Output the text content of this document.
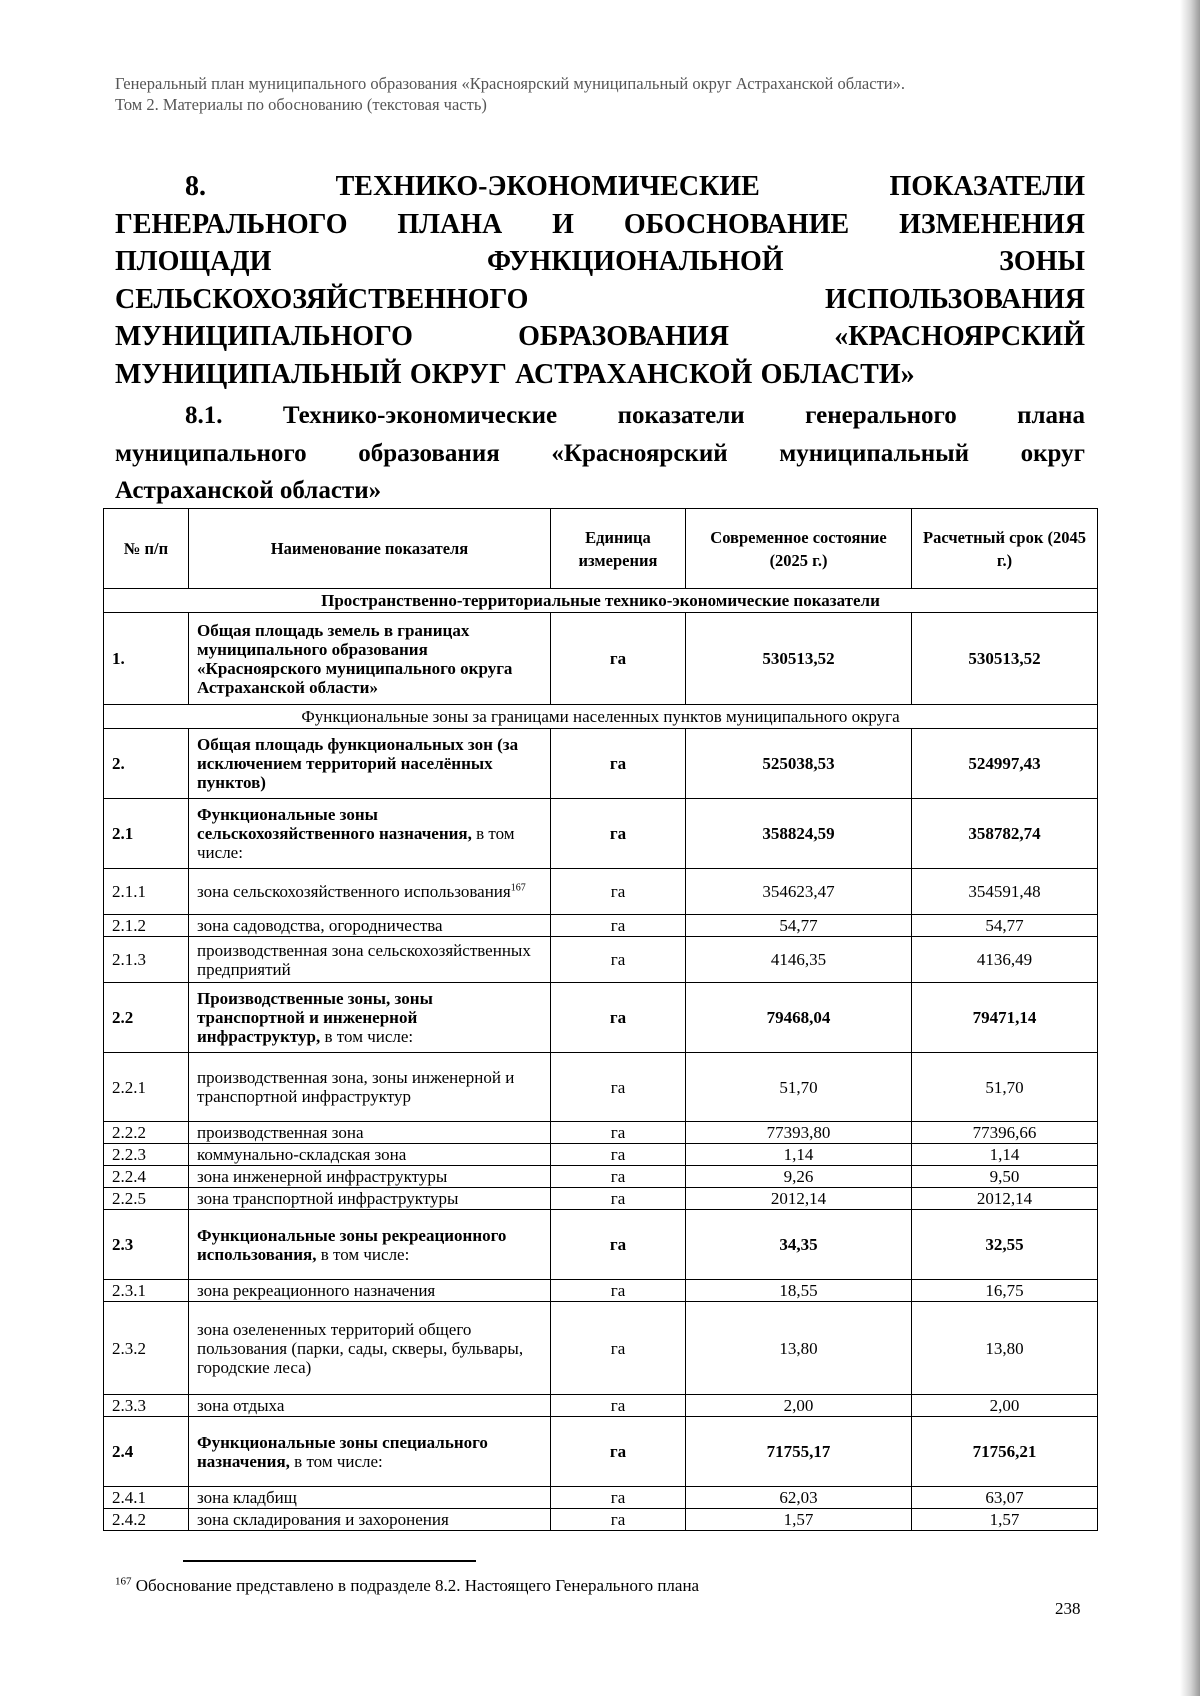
Генеральный план муниципального образования «Красноярский муниципальный округ Астраханской области».
Том 2. Материалы по обоснованию (текстовая часть)
8.	ТЕХНИКО-ЭКОНОМИЧЕСКИЕ	ПОКАЗАТЕЛИ
ГЕНЕРАЛЬНОГО ПЛАНА И ОБОСНОВАНИЕ ИЗМЕНЕНИЯ
ПЛОЩАДИ	ФУНКЦИОНАЛЬНОЙ	ЗОНЫ
СЕЛЬСКОХОЗЯЙСТВЕННОГО	ИСПОЛЬЗОВАНИЯ
МУНИЦИПАЛЬНОГО	ОБРАЗОВАНИЯ	«КРАСНОЯРСКИЙ
МУНИЦИПАЛЬНЫЙ ОКРУГ АСТРАХАНСКОЙ ОБЛАСТИ»
8.1. Технико-экономические показатели генерального плана
муниципального образования «Красноярский муниципальный округ
Астраханской области»
№ п/п	Наименование показателя	Единица измерения	Современное состояние (2025 г.)	Расчетный срок (2045 г.)
Пространственно-территориальные технико-экономические показатели				
1.	Общая площадь земель в границах муниципального образования «Красноярского муниципального округа Астраханской области»	га	530513,52	530513,52
Функциональные зоны за границами населенных пунктов муниципального округа				
2.	Общая площадь функциональных зон (за исключением территорий населённых пунктов)	га	525038,53	524997,43
2.1	Функциональные зоны сельскохозяйственного назначения, в том числе:	га	358824,59	358782,74
2.1.1	зона сельскохозяйственного использования$^{167}$	га	354623,47	354591,48
2.1.2	зона садоводства, огородничества	га	54,77	54,77
2.1.3	производственная зона сельскохозяйственных предприятий	га	4146,35	4136,49
2.2	Производственные зоны, зоны транспортной и инженерной инфраструктур, в том числе:	га	79468,04	79471,14
2.2.1	производственная зона, зоны инженерной и транспортной инфраструктур	га	51,70	51,70
2.2.2	производственная зона	га	77393,80	77396,66
2.2.3	коммунально-складская зона	га	1,14	1,14
2.2.4	зона инженерной инфраструктуры	га	9,26	9,50
2.2.5	зона транспортной инфраструктуры	га	2012,14	2012,14
2.3	Функциональные зоны рекреационного использования, в том числе:	га	34,35	32,55
2.3.1	зона рекреационного назначения	га	18,55	16,75
2.3.2	зона озелененных территорий общего пользования (парки, сады, скверы, бульвары, городские леса)	га	13,80	13,80
2.3.3	зона отдыха	га	2,00	2,00
2.4	Функциональные зоны специального назначения, в том числе:	га	71755,17	71756,21
2.4.1	зона кладбищ	га	62,03	63,07
2.4.2	зона складирования и захоронения	га	1,57	1,57
$^{167}$ Обоснование представлено в подразделе 8.2. Настоящего Генерального плана
238
